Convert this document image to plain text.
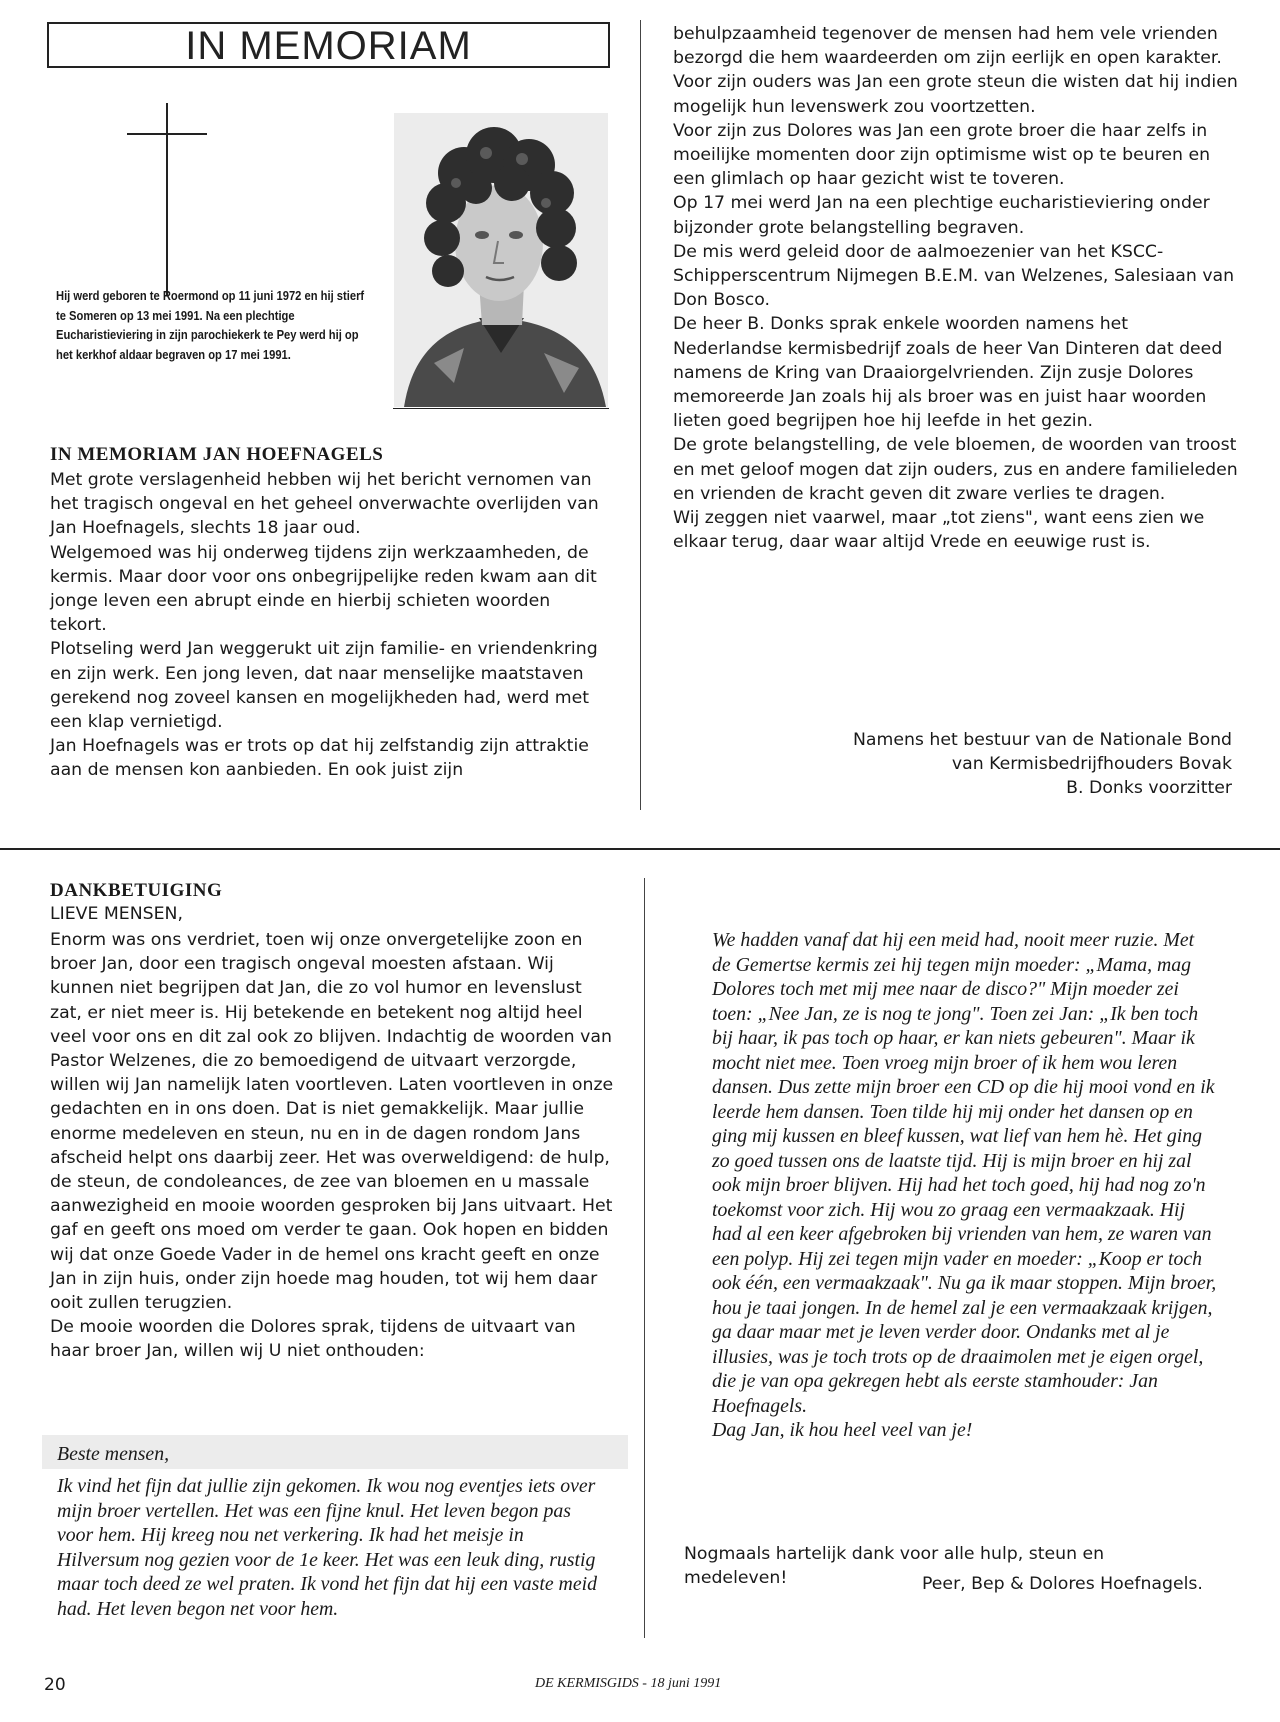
IN MEMORIAM
Hij werd geboren te Roermond op 11 juni 1972 en hij stierf te Someren op 13 mei 1991. Na een plechtige Eucharistieviering in zijn parochiekerk te Pey werd hij op het kerkhof aldaar begraven op 17 mei 1991.
IN MEMORIAM JAN HOEFNAGELS

Met grote verslagenheid hebben wij het bericht vernomen van het tragisch ongeval en het geheel onverwachte overlijden van Jan Hoefnagels, slechts 18 jaar oud.

Welgemoed was hij onderweg tijdens zijn werkzaamheden, de kermis. Maar door voor ons onbegrijpelijke reden kwam aan dit jonge leven een abrupt einde en hierbij schieten woorden tekort.

Plotseling werd Jan weggerukt uit zijn familie- en vriendenkring en zijn werk. Een jong leven, dat naar menselijke maatstaven gerekend nog zoveel kansen en mogelijkheden had, werd met een klap vernietigd.

Jan Hoefnagels was er trots op dat hij zelfstandig zijn attraktie aan de mensen kon aanbieden. En ook juist zijn

behulpzaamheid tegenover de mensen had hem vele vrienden bezorgd die hem waardeerden om zijn eerlijk en open karakter.

Voor zijn ouders was Jan een grote steun die wisten dat hij indien mogelijk hun levenswerk zou voortzetten.

Voor zijn zus Dolores was Jan een grote broer die haar zelfs in moeilijke momenten door zijn optimisme wist op te beuren en een glimlach op haar gezicht wist te toveren.

Op 17 mei werd Jan na een plechtige eucharistieviering onder bijzonder grote belangstelling begraven.

De mis werd geleid door de aalmoezenier van het KSCC-Schipperscentrum Nijmegen B.E.M. van Welzenes, Salesiaan van Don Bosco.

De heer B. Donks sprak enkele woorden namens het Nederlandse kermisbedrijf zoals de heer Van Dinteren dat deed namens de Kring van Draaiorgelvrienden. Zijn zusje Dolores memoreerde Jan zoals hij als broer was en juist haar woorden lieten goed begrijpen hoe hij leefde in het gezin.

De grote belangstelling, de vele bloemen, de woorden van troost en met geloof mogen dat zijn ouders, zus en andere familieleden en vrienden de kracht geven dit zware verlies te dragen.

Wij zeggen niet vaarwel, maar „tot ziens", want eens zien we elkaar terug, daar waar altijd Vrede en eeuwige rust is.

Namens het bestuur van de Nationale Bond

van Kermisbedrijfhouders Bovak

B. Donks voorzitter

DANKBETUIGING
LIEVE MENSEN,

Enorm was ons verdriet, toen wij onze onvergetelijke zoon en broer Jan, door een tragisch ongeval moesten afstaan. Wij kunnen niet begrijpen dat Jan, die zo vol humor en levenslust zat, er niet meer is. Hij betekende en betekent nog altijd heel veel voor ons en dit zal ook zo blijven. Indachtig de woorden van Pastor Welzenes, die zo bemoedigend de uitvaart verzorgde, willen wij Jan namelijk laten voortleven. Laten voortleven in onze gedachten en in ons doen. Dat is niet gemakkelijk. Maar jullie enorme medeleven en steun, nu en in de dagen rondom Jans afscheid helpt ons daarbij zeer. Het was overweldigend: de hulp, de steun, de condoleances, de zee van bloemen en u massale aanwezigheid en mooie woorden gesproken bij Jans uitvaart. Het gaf en geeft ons moed om verder te gaan. Ook hopen en bidden wij dat onze Goede Vader in de hemel ons kracht geeft en onze Jan in zijn huis, onder zijn hoede mag houden, tot wij hem daar ooit zullen terugzien.

De mooie woorden die Dolores sprak, tijdens de uitvaart van haar broer Jan, willen wij U niet onthouden:

Beste mensen,
Ik vind het fijn dat jullie zijn gekomen. Ik wou nog eventjes iets over mijn broer vertellen. Het was een fijne knul. Het leven begon pas voor hem. Hij kreeg nou net verkering. Ik had het meisje in Hilversum nog gezien voor de 1e keer. Het was een leuk ding, rustig maar toch deed ze wel praten. Ik vond het fijn dat hij een vaste meid had. Het leven begon net voor hem.

We hadden vanaf dat hij een meid had, nooit meer ruzie. Met de Gemertse kermis zei hij tegen mijn moeder: „Mama, mag Dolores toch met mij mee naar de disco?" Mijn moeder zei toen: „Nee Jan, ze is nog te jong". Toen zei Jan: „Ik ben toch bij haar, ik pas toch op haar, er kan niets gebeuren". Maar ik mocht niet mee. Toen vroeg mijn broer of ik hem wou leren dansen. Dus zette mijn broer een CD op die hij mooi vond en ik leerde hem dansen. Toen tilde hij mij onder het dansen op en ging mij kussen en bleef kussen, wat lief van hem hè. Het ging zo goed tussen ons de laatste tijd. Hij is mijn broer en hij zal ook mijn broer blijven. Hij had het toch goed, hij had nog zo'n toekomst voor zich. Hij wou zo graag een vermaakzaak. Hij had al een keer afgebroken bij vrienden van hem, ze waren van een polyp. Hij zei tegen mijn vader en moeder: „Koop er toch ook één, een vermaakzaak". Nu ga ik maar stoppen. Mijn broer, hou je taai jongen. In de hemel zal je een vermaakzaak krijgen, ga daar maar met je leven verder door. Ondanks met al je illusies, was je toch trots op de draaimolen met je eigen orgel, die je van opa gekregen hebt als eerste stamhouder: Jan Hoefnagels.

Dag Jan, ik hou heel veel van je!

Nogmaals hartelijk dank voor alle hulp, steun en medeleven!	Peer, Bep & Dolores Hoefnagels.
20	DE KERMISGIDS - 18 juni 1991
